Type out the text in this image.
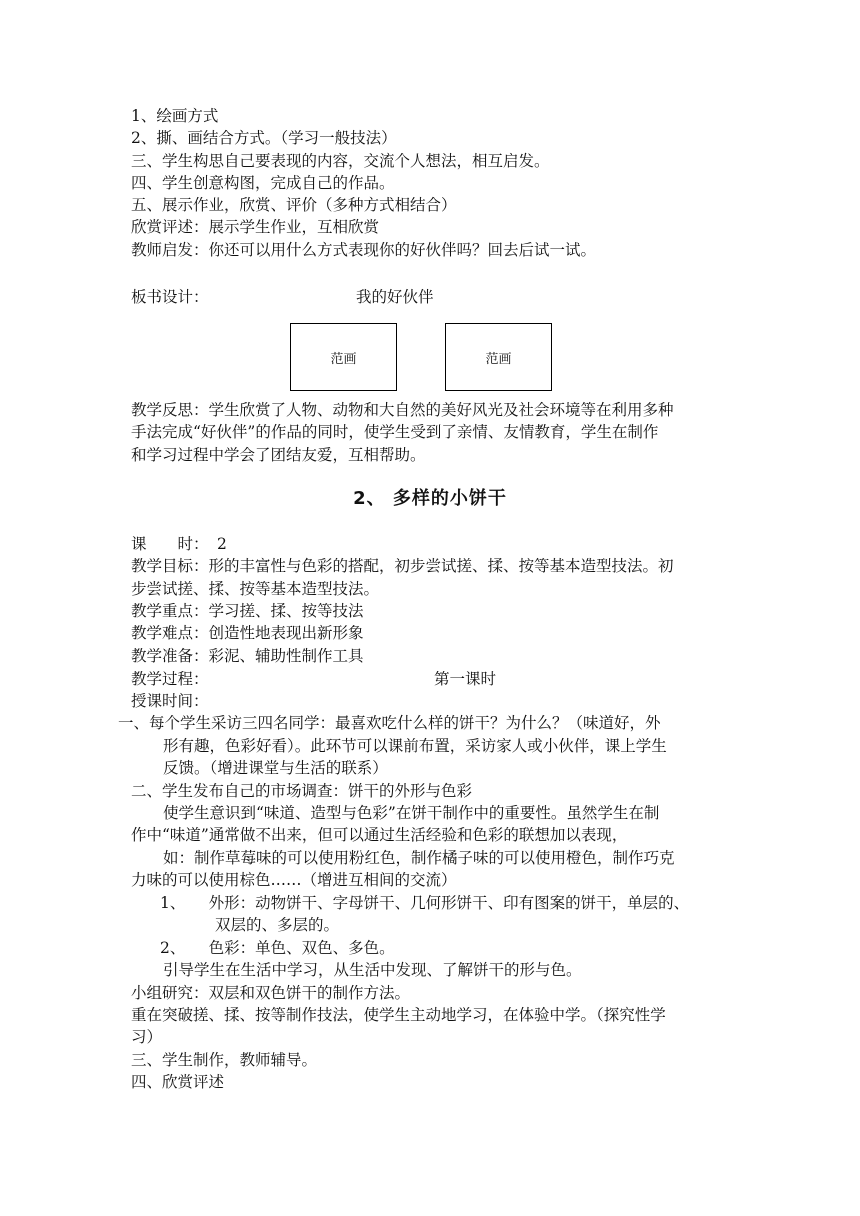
1、绘画方式
2、撕、画结合方式。（学习一般技法）
三、学生构思自己要表现的内容，交流个人想法，相互启发。
四、学生创意构图，完成自己的作品。
五、展示作业，欣赏、评价（多种方式相结合）
欣赏评述：展示学生作业，互相欣赏
教师启发：你还可以用什么方式表现你的好伙伴吗？回去后试一试。
板书设计：	我的好伙伴
范画	范画
教学反思：学生欣赏了人物、动物和大自然的美好风光及社会环境等在利用多种
手法完成“好伙伴”的作品的同时，使学生受到了亲情、友情教育，学生在制作
和学习过程中学会了团结友爱，互相帮助。
2、 多样的小饼干
课　　时： 2
教学目标：形的丰富性与色彩的搭配，初步尝试搓、揉、按等基本造型技法。初
步尝试搓、揉、按等基本造型技法。
教学重点：学习搓、揉、按等技法
教学难点：创造性地表现出新形象
教学准备：彩泥、辅助性制作工具
教学过程：	第一课时
授课时间：
一、每个学生采访三四名同学：最喜欢吃什么样的饼干？为什么？（味道好，外
形有趣，色彩好看）。此环节可以课前布置，采访家人或小伙伴，课上学生
反馈。（增进课堂与生活的联系）
二、学生发布自己的市场调查：饼干的外形与色彩
使学生意识到“味道、造型与色彩”在饼干制作中的重要性。虽然学生在制
作中“味道”通常做不出来，但可以通过生活经验和色彩的联想加以表现，
如：制作草莓味的可以使用粉红色，制作橘子味的可以使用橙色，制作巧克
力味的可以使用棕色……（增进互相间的交流）
1、　　外形：动物饼干、字母饼干、几何形饼干、印有图案的饼干，单层的、
双层的、多层的。
2、　　色彩：单色、双色、多色。
引导学生在生活中学习，从生活中发现、了解饼干的形与色。
小组研究：双层和双色饼干的制作方法。
重在突破搓、揉、按等制作技法，使学生主动地学习，在体验中学。（探究性学
习）
三、学生制作，教师辅导。
四、欣赏评述
